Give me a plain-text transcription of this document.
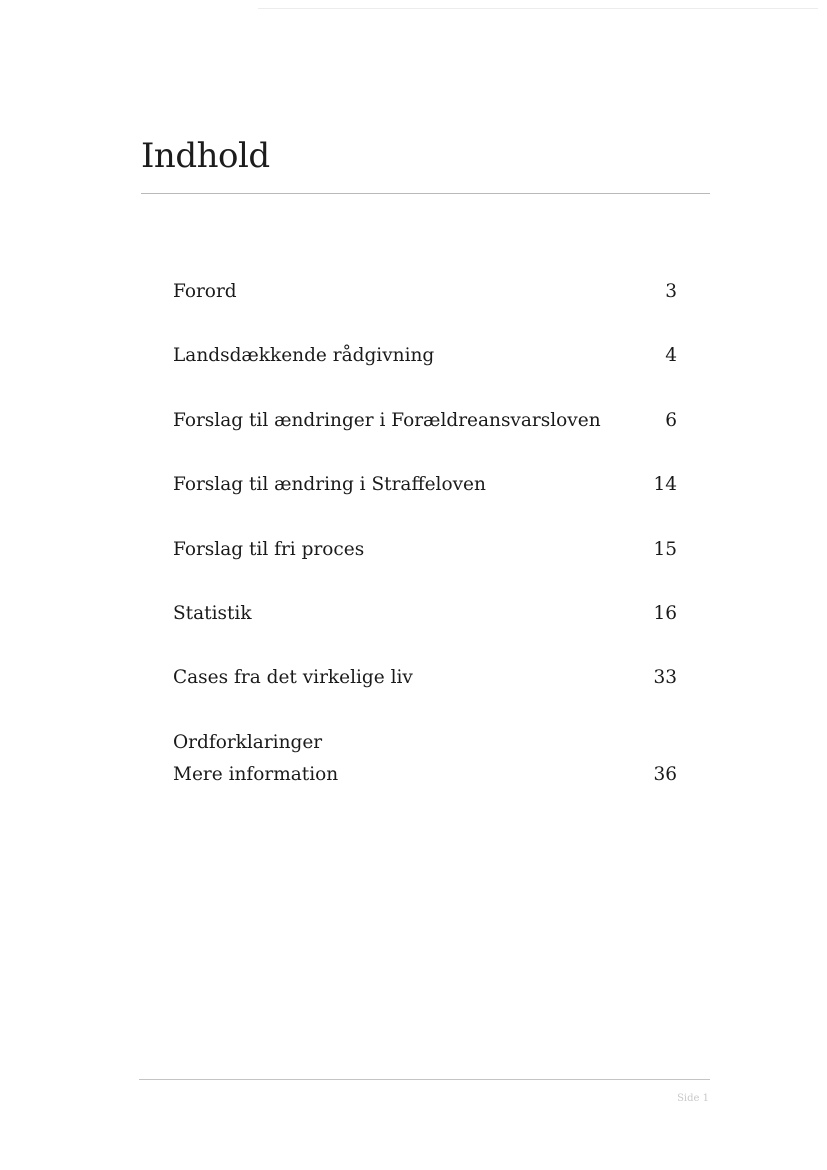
Indhold
Forord	3
Landsdækkende rådgivning	4
Forslag til ændringer i Forældreansvarsloven	6
Forslag til ændring i Straffeloven	14
Forslag til fri proces	15
Statistik	16
Cases fra det virkelige liv	33
Ordforklaringer
Mere information	36
Side 1
